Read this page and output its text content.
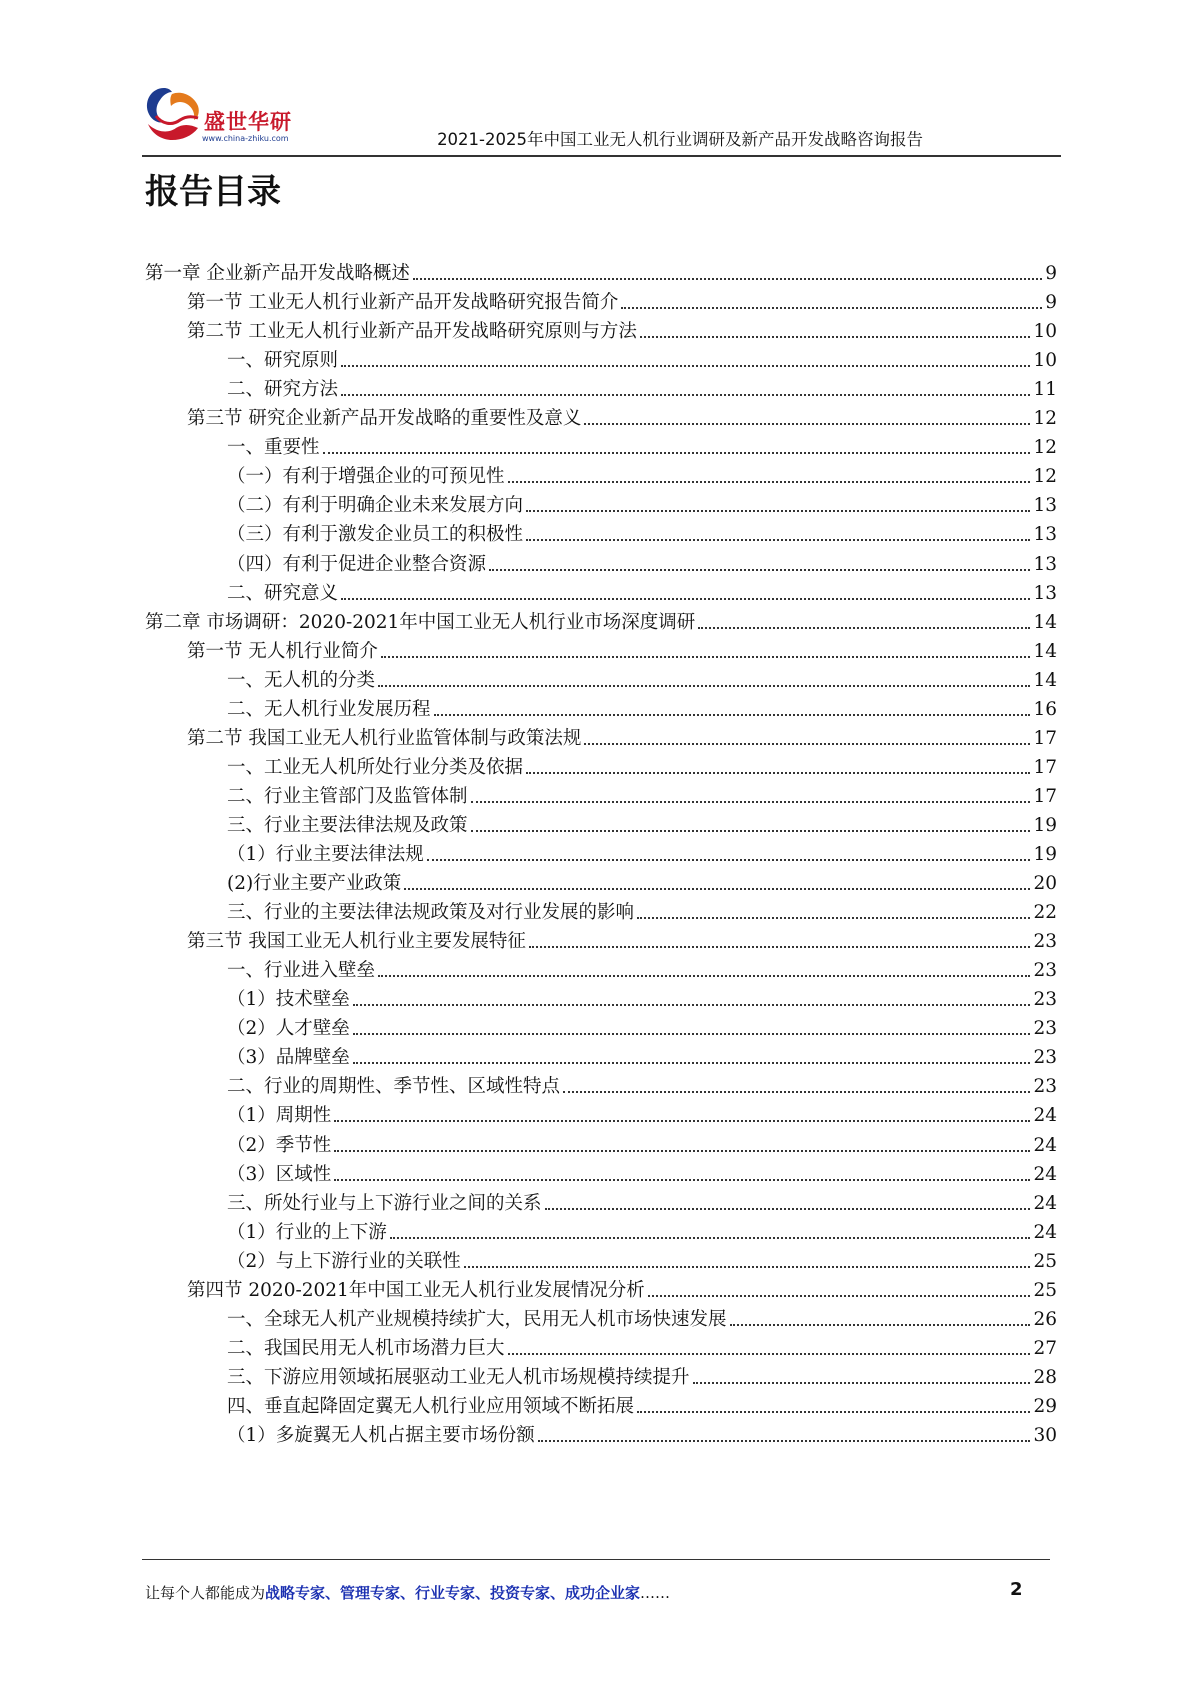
盛世华研
www.china-zhiku.com	2021-2025年中国工业无人机行业调研及新产品开发战略咨询报告
报告目录
第一章 企业新产品开发战略概述	9
第一节 工业无人机行业新产品开发战略研究报告简介	9
第二节 工业无人机行业新产品开发战略研究原则与方法	10
一、研究原则	10
二、研究方法	11
第三节 研究企业新产品开发战略的重要性及意义	12
一、重要性	12
（一）有利于增强企业的可预见性	12
（二）有利于明确企业未来发展方向	13
（三）有利于激发企业员工的积极性	13
（四）有利于促进企业整合资源	13
二、研究意义	13
第二章 市场调研：2020-2021年中国工业无人机行业市场深度调研	14
第一节 无人机行业简介	14
一、无人机的分类	14
二、无人机行业发展历程	16
第二节 我国工业无人机行业监管体制与政策法规	17
一、工业无人机所处行业分类及依据	17
二、行业主管部门及监管体制	17
三、行业主要法律法规及政策	19
（1）行业主要法律法规	19
(2)行业主要产业政策	20
三、行业的主要法律法规政策及对行业发展的影响	22
第三节 我国工业无人机行业主要发展特征	23
一、行业进入壁垒	23
（1）技术壁垒	23
（2）人才壁垒	23
（3）品牌壁垒	23
二、行业的周期性、季节性、区域性特点	23
（1）周期性	24
（2）季节性	24
（3）区域性	24
三、所处行业与上下游行业之间的关系	24
（1）行业的上下游	24
（2）与上下游行业的关联性	25
第四节 2020-2021年中国工业无人机行业发展情况分析	25
一、全球无人机产业规模持续扩大，民用无人机市场快速发展	26
二、我国民用无人机市场潜力巨大	27
三、下游应用领域拓展驱动工业无人机市场规模持续提升	28
四、垂直起降固定翼无人机行业应用领域不断拓展	29
（1）多旋翼无人机占据主要市场份额	30
让每个人都能成为战略专家、管理专家、行业专家、投资专家、成功企业家……	2
